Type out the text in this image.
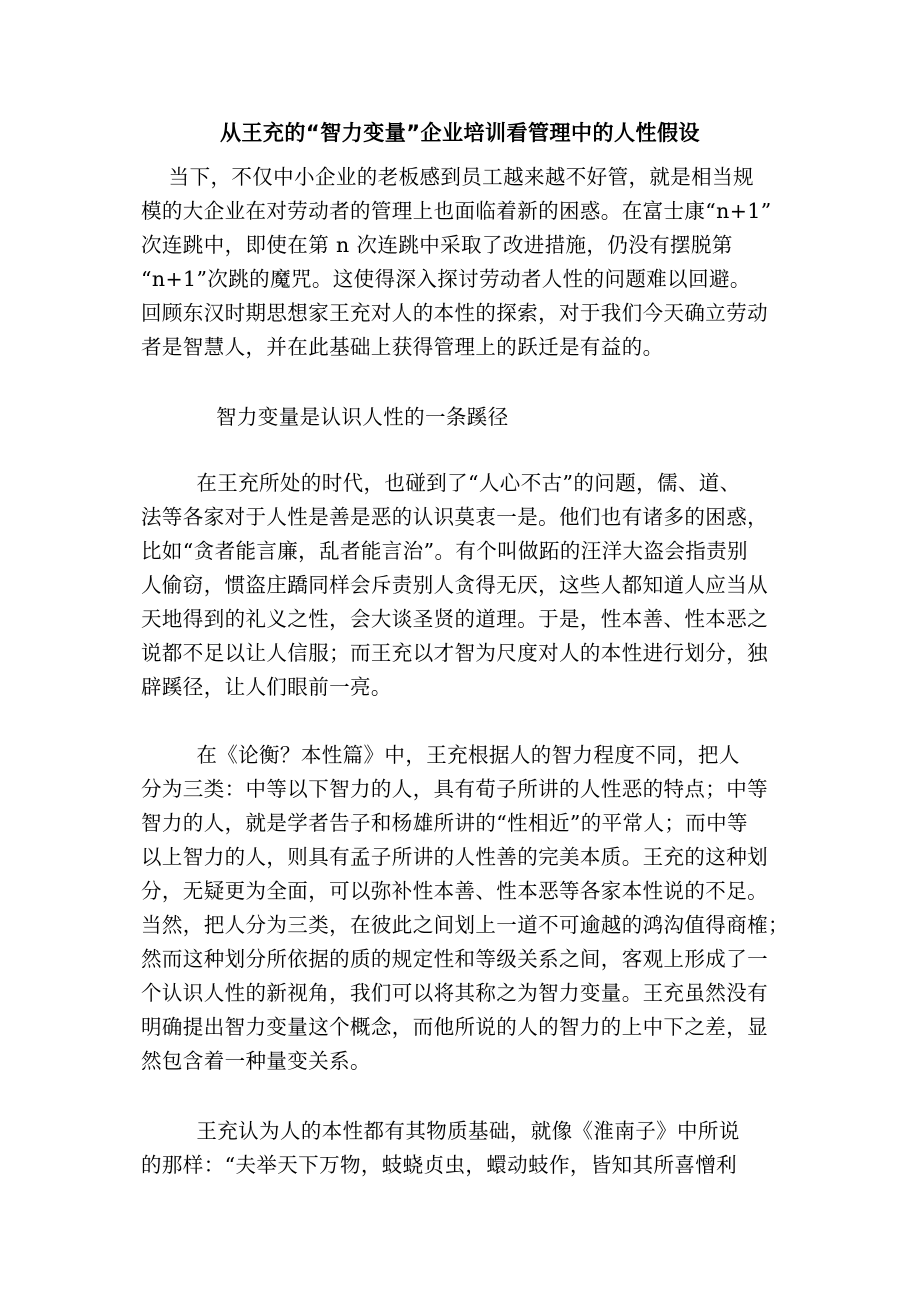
从王充的“智力变量”企业培训看管理中的人性假设
当下，不仅中小企业的老板感到员工越来越不好管，就是相当规
模的大企业在对劳动者的管理上也面临着新的困惑。在富士康“n+1”
次连跳中，即使在第 n 次连跳中采取了改进措施，仍没有摆脱第
“n+1”次跳的魔咒。这使得深入探讨劳动者人性的问题难以回避。
回顾东汉时期思想家王充对人的本性的探索，对于我们今天确立劳动
者是智慧人，并在此基础上获得管理上的跃迁是有益的。
智力变量是认识人性的一条蹊径
在王充所处的时代，也碰到了“人心不古”的问题，儒、道、
法等各家对于人性是善是恶的认识莫衷一是。他们也有诸多的困惑，
比如“贪者能言廉，乱者能言治”。有个叫做跖的汪洋大盗会指责别
人偷窃，惯盗庄蹻同样会斥责别人贪得无厌，这些人都知道人应当从
天地得到的礼义之性，会大谈圣贤的道理。于是，性本善、性本恶之
说都不足以让人信服；而王充以才智为尺度对人的本性进行划分，独
辟蹊径，让人们眼前一亮。
在《论衡？本性篇》中，王充根据人的智力程度不同，把人
分为三类：中等以下智力的人，具有荀子所讲的人性恶的特点；中等
智力的人，就是学者告子和杨雄所讲的“性相近”的平常人；而中等
以上智力的人，则具有孟子所讲的人性善的完美本质。王充的这种划
分，无疑更为全面，可以弥补性本善、性本恶等各家本性说的不足。
当然，把人分为三类，在彼此之间划上一道不可逾越的鸿沟值得商榷；
然而这种划分所依据的质的规定性和等级关系之间，客观上形成了一
个认识人性的新视角，我们可以将其称之为智力变量。王充虽然没有
明确提出智力变量这个概念，而他所说的人的智力的上中下之差，显
然包含着一种量变关系。
王充认为人的本性都有其物质基础，就像《淮南子》中所说
的那样：“夫举天下万物，蚑蛲贞虫，蠉动蚑作，皆知其所喜憎利
